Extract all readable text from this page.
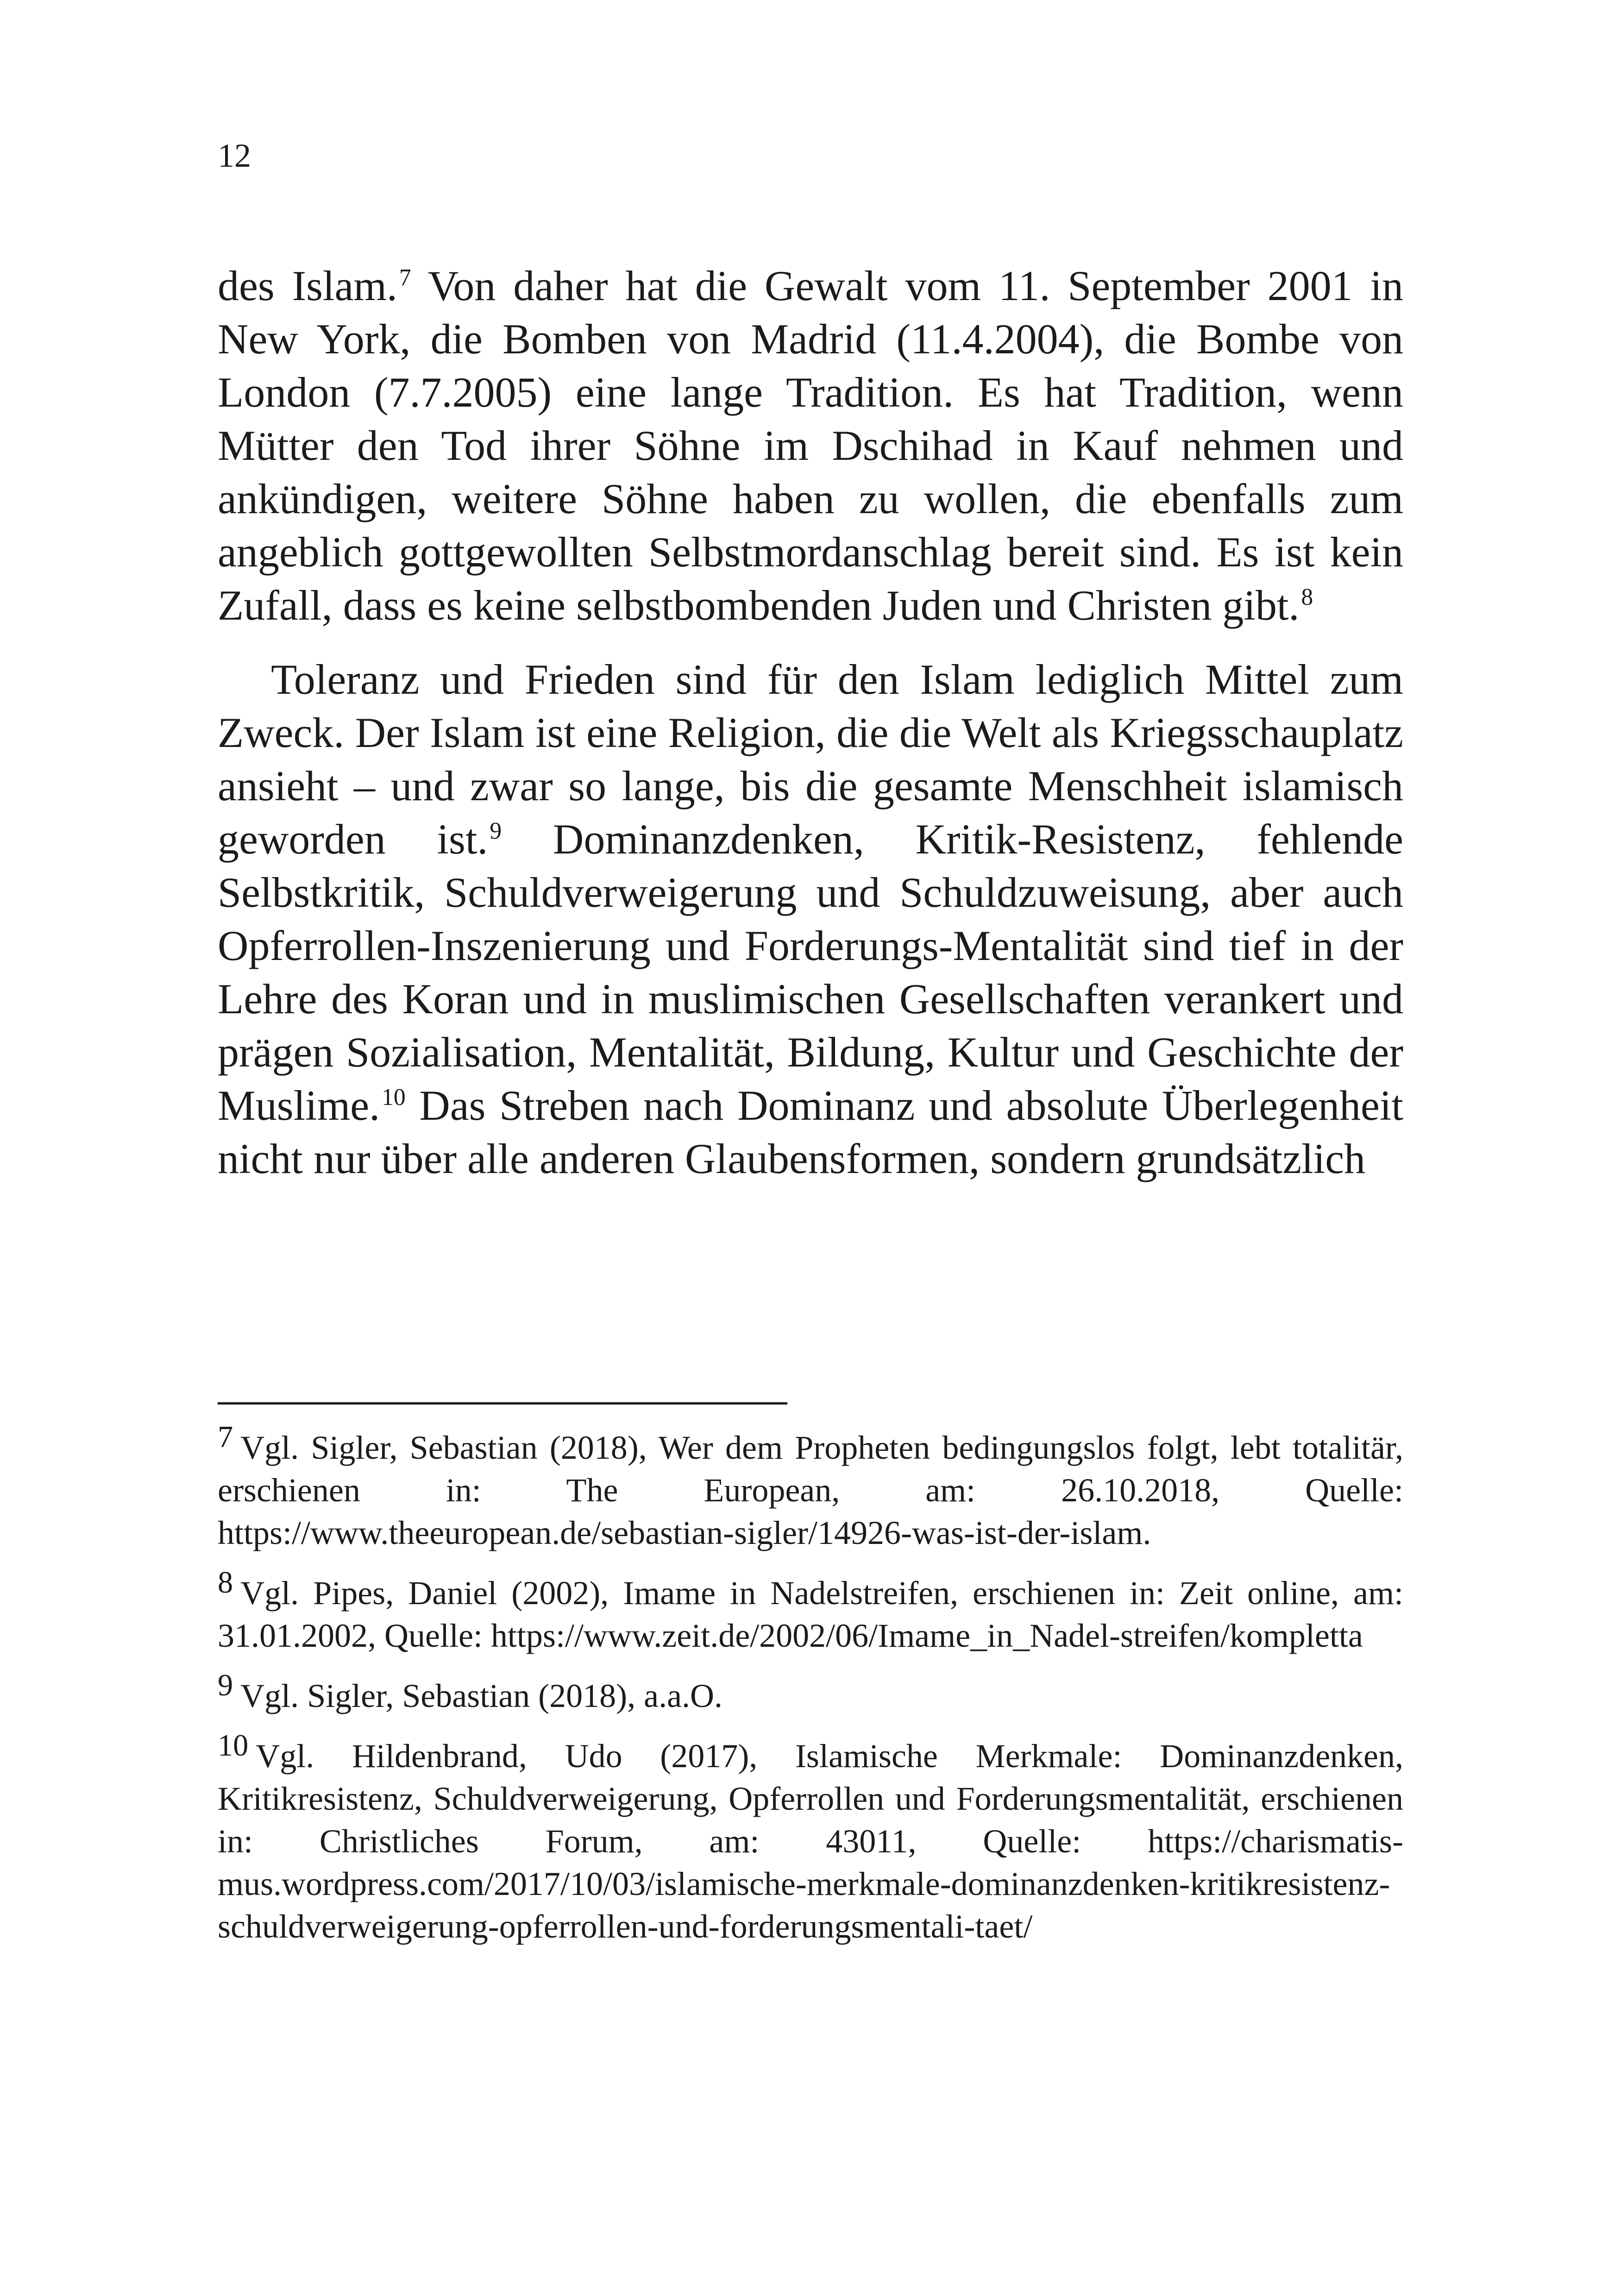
12

des Islam.$^7$ Von daher hat die Gewalt vom 11. September 2001 in New York, die Bomben von Madrid (11.4.2004), die Bombe von London (7.7.2005) eine lange Tradition. Es hat Tradition, wenn Mütter den Tod ihrer Söhne im Dschihad in Kauf nehmen und ankündigen, weitere Söhne haben zu wollen, die ebenfalls zum angeblich gottgewollten Selbstmordanschlag bereit sind. Es ist kein Zufall, dass es keine selbstbombenden Juden und Christen gibt.$^8$

Toleranz und Frieden sind für den Islam lediglich Mittel zum Zweck. Der Islam ist eine Religion, die die Welt als Kriegsschauplatz ansieht – und zwar so lange, bis die gesamte Menschheit islamisch geworden ist.$^9$ Dominanzdenken, Kritik-Resistenz, fehlende Selbstkritik, Schuldverweigerung und Schuldzuweisung, aber auch Opferrollen-Inszenierung und Forderungs-Mentalität sind tief in der Lehre des Koran und in muslimischen Gesellschaften verankert und prägen Sozialisation, Mentalität, Bildung, Kultur und Geschichte der Muslime.$^{10}$ Das Streben nach Dominanz und absolute Überlegenheit nicht nur über alle anderen Glaubensformen, sondern grundsätzlich

7 Vgl. Sigler, Sebastian (2018), Wer dem Propheten bedingungslos folgt, lebt totalitär, erschienen in: The European, am: 26.10.2018, Quelle: https://www.theeuropean.de/sebastian-sigler/14926-was-ist-der-islam.

8 Vgl. Pipes, Daniel (2002), Imame in Nadelstreifen, erschienen in: Zeit online, am: 31.01.2002, Quelle: https://www.zeit.de/2002/06/Imame_in_Nadel-streifen/kompletta

9 Vgl. Sigler, Sebastian (2018), a.a.O.

10 Vgl. Hildenbrand, Udo (2017), Islamische Merkmale: Dominanzdenken, Kritikresistenz, Schuldverweigerung, Opferrollen und Forderungsmentalität, erschienen in: Christliches Forum, am: 43011, Quelle: https://charismatis-mus.wordpress.com/2017/10/03/islamische-merkmale-dominanzdenken-kritikresistenz-schuldverweigerung-opferrollen-und-forderungsmentali-taet/
